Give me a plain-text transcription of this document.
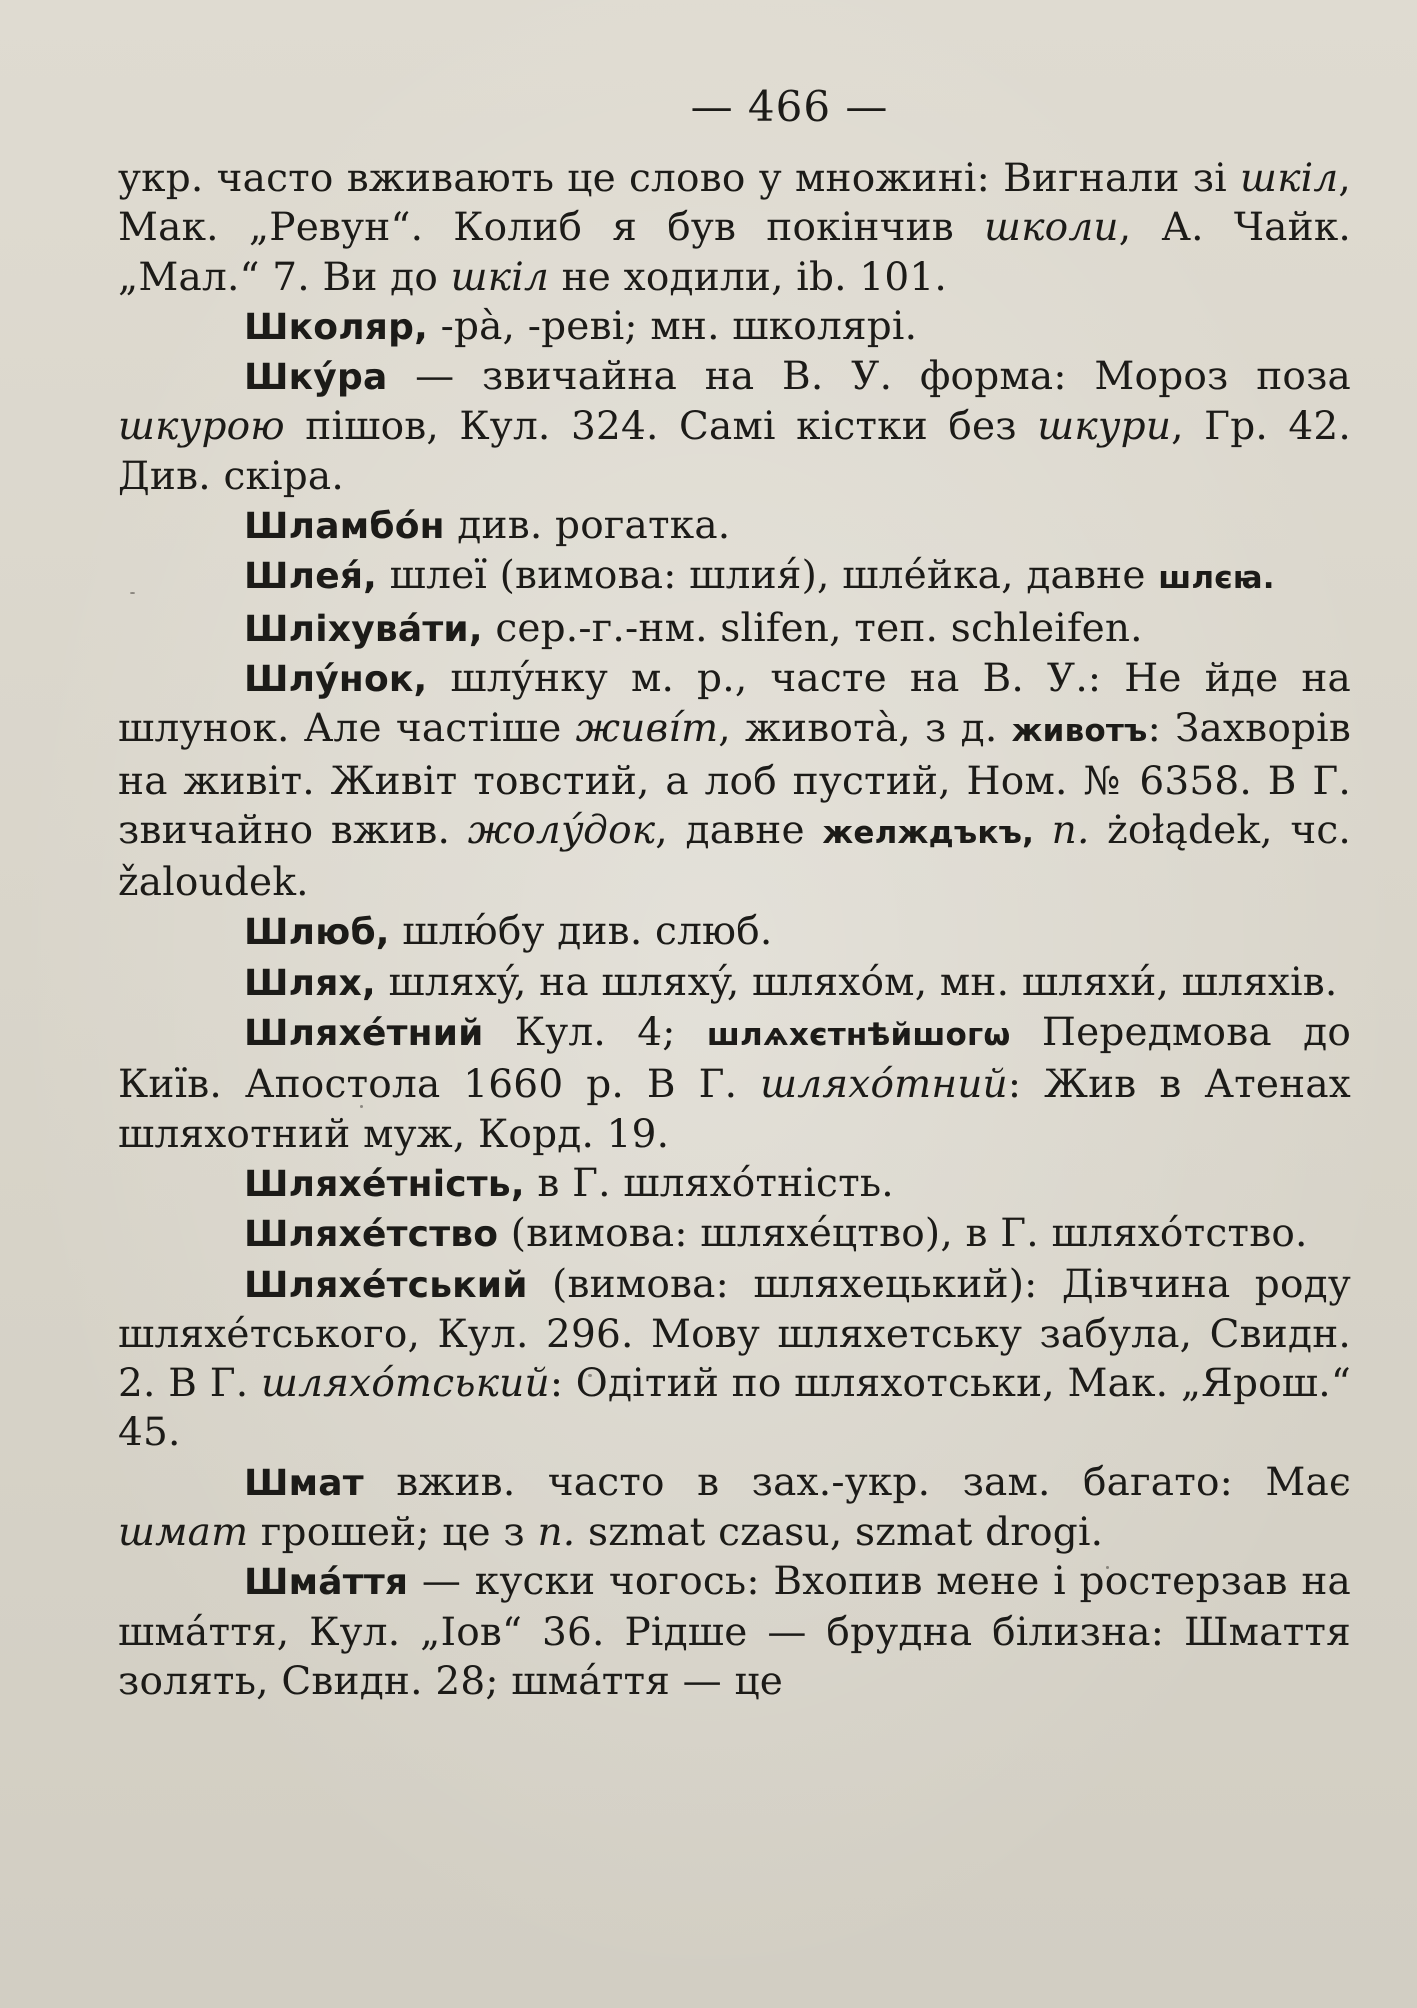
— 466 —

укр. часто вживають це слово у множині: Вигнали зі шкіл, Мак. „Ревун“. Колиб я був покінчив школи, А. Чайк. „Мал.“ 7. Ви до шкіл не ходили, ib. 101.

Школяр, -рà, -реві; мн. школярі.

Шкýра — звичайна на В. У. форма: Мороз поза шкурою пішов, Кул. 324. Самі кістки без шкури, Гр. 42. Див. скіра.

Шламбóн див. рогатка.

Шлея́, шлеї (вимова: шлия́), шлéйка, давне шлєꙗ.

Шліхувáти, сер.-г.-нм. slifen, теп. schleifen.

Шлýнок, шлýнку м. р., часте на В. У.: Не йде на шлунок. Але частіше живíт, животà, з д. животъ: Захворів на живіт. Живіт товстий, а лоб пустий, Ном. № 6358. В Г. звичайно вжив. жолýдок, давне желждъкъ, п. żołądek, чс. žaloudek.

Шлюб, шлю́бу див. слюб.

Шлях, шляхý, на шляхý, шляхóм, мн. шляхи́, шляхів.

Шляхéтний Кул. 4; шлѧхєтнѣйшогѡ Передмова до Київ. Апостола 1660 р. В Г. шляхóтний: Жив в Атенах шляхотний муж, Корд. 19.

Шляхéтність, в Г. шляхóтність.

Шляхéтство (вимова: шляхéцтво), в Г. шляхóтство.

Шляхéтський (вимова: шляхецький): Дівчина роду шляхéтського, Кул. 296. Мову шляхетську забула, Свидн. 2. В Г. шляхóтський: Одітий по шляхотськи, Мак. „Ярош.“ 45.

Шмат вжив. часто в зах.-укр. зам. багато: Має шмат грошей; це з п. szmat czasu, szmat drogi.

Шмáття — куски чогось: Вхопив мене і ростерзав на шмáття, Кул. „Іов“ 36. Рідше — брудна білизна: Шмаття золять, Свидн. 28; шмáття — це
